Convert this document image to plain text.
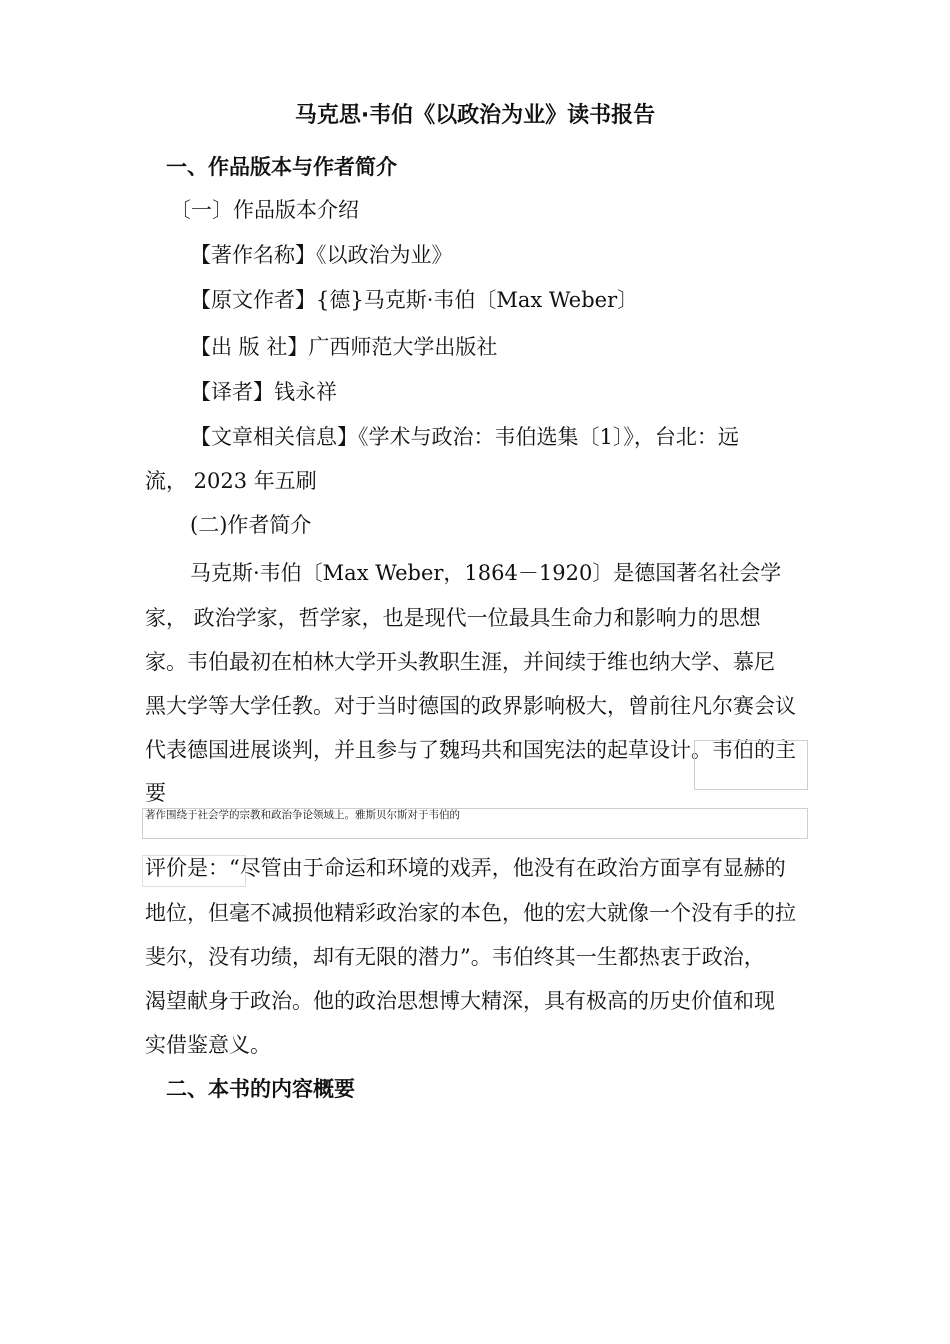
马克思·韦伯《以政治为业》读书报告
一、作品版本与作者简介
〔一〕作品版本介绍
【著作名称】《以政治为业》
【原文作者】{德}马克斯·韦伯〔Max Weber〕
【出 版 社】广西师范大学出版社
【译者】钱永祥
【文章相关信息】《学术与政治：韦伯选集〔1〕》，台北：远
流， 2023 年五刷
(二)作者简介
马克斯·韦伯〔Max Weber，1864－1920〕是德国著名社会学
家， 政治学家，哲学家，也是现代一位最具生命力和影响力的思想
家。韦伯最初在柏林大学开头教职生涯，并间续于维也纳大学、慕尼
黑大学等大学任教。对于当时德国的政界影响极大，曾前往凡尔赛会议
代表德国进展谈判，并且参与了魏玛共和国宪法的起草设计。韦伯的主
要
著作围绕于社会学的宗教和政治争论领域上。雅斯贝尔斯对于韦伯的
评价是：“尽管由于命运和环境的戏弄，他没有在政治方面享有显赫的
地位，但毫不减损他精彩政治家的本色，他的宏大就像一个没有手的拉
斐尔，没有功绩，却有无限的潜力”。韦伯终其一生都热衷于政治，
渴望献身于政治。他的政治思想博大精深，具有极高的历史价值和现
实借鉴意义。
二、本书的内容概要
